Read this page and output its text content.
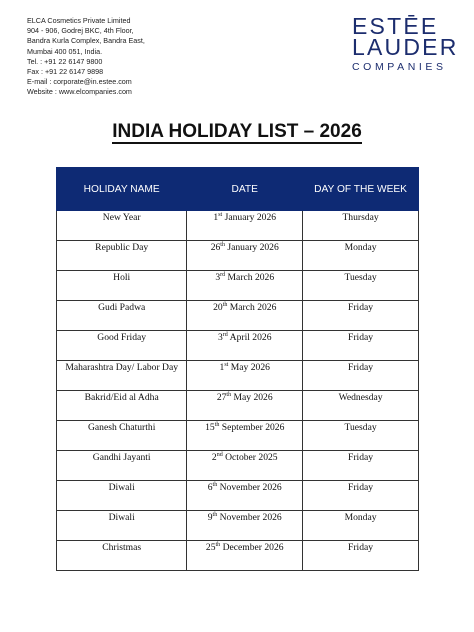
ELCA Cosmetics Private Limited
904 - 906, Godrej BKC, 4th Floor,
Bandra Kurla Complex, Bandra East,
Mumbai 400 051, India.
Tel. : +91 22 6147 9800
Fax : +91 22 6147 9898
E-mail : corporate@in.estee.com
Website : www.elcompanies.com
ESTĒE
LAUDER
COMPANIES
INDIA HOLIDAY LIST – 2026
HOLIDAY NAME	DATE	DAY OF THE WEEK
New Year	1st January 2026	Thursday
Republic Day	26th January 2026	Monday
Holi	3rd March 2026	Tuesday
Gudi Padwa	20th March 2026	Friday
Good Friday	3rd April 2026	Friday
Maharashtra Day/ Labor Day	1st May 2026	Friday
Bakrid/Eid al Adha	27th May 2026	Wednesday
Ganesh Chaturthi	15th September 2026	Tuesday
Gandhi Jayanti	2nd October 2025	Friday
Diwali	6th November 2026	Friday
Diwali	9th November 2026	Monday
Christmas	25th December 2026	Friday
